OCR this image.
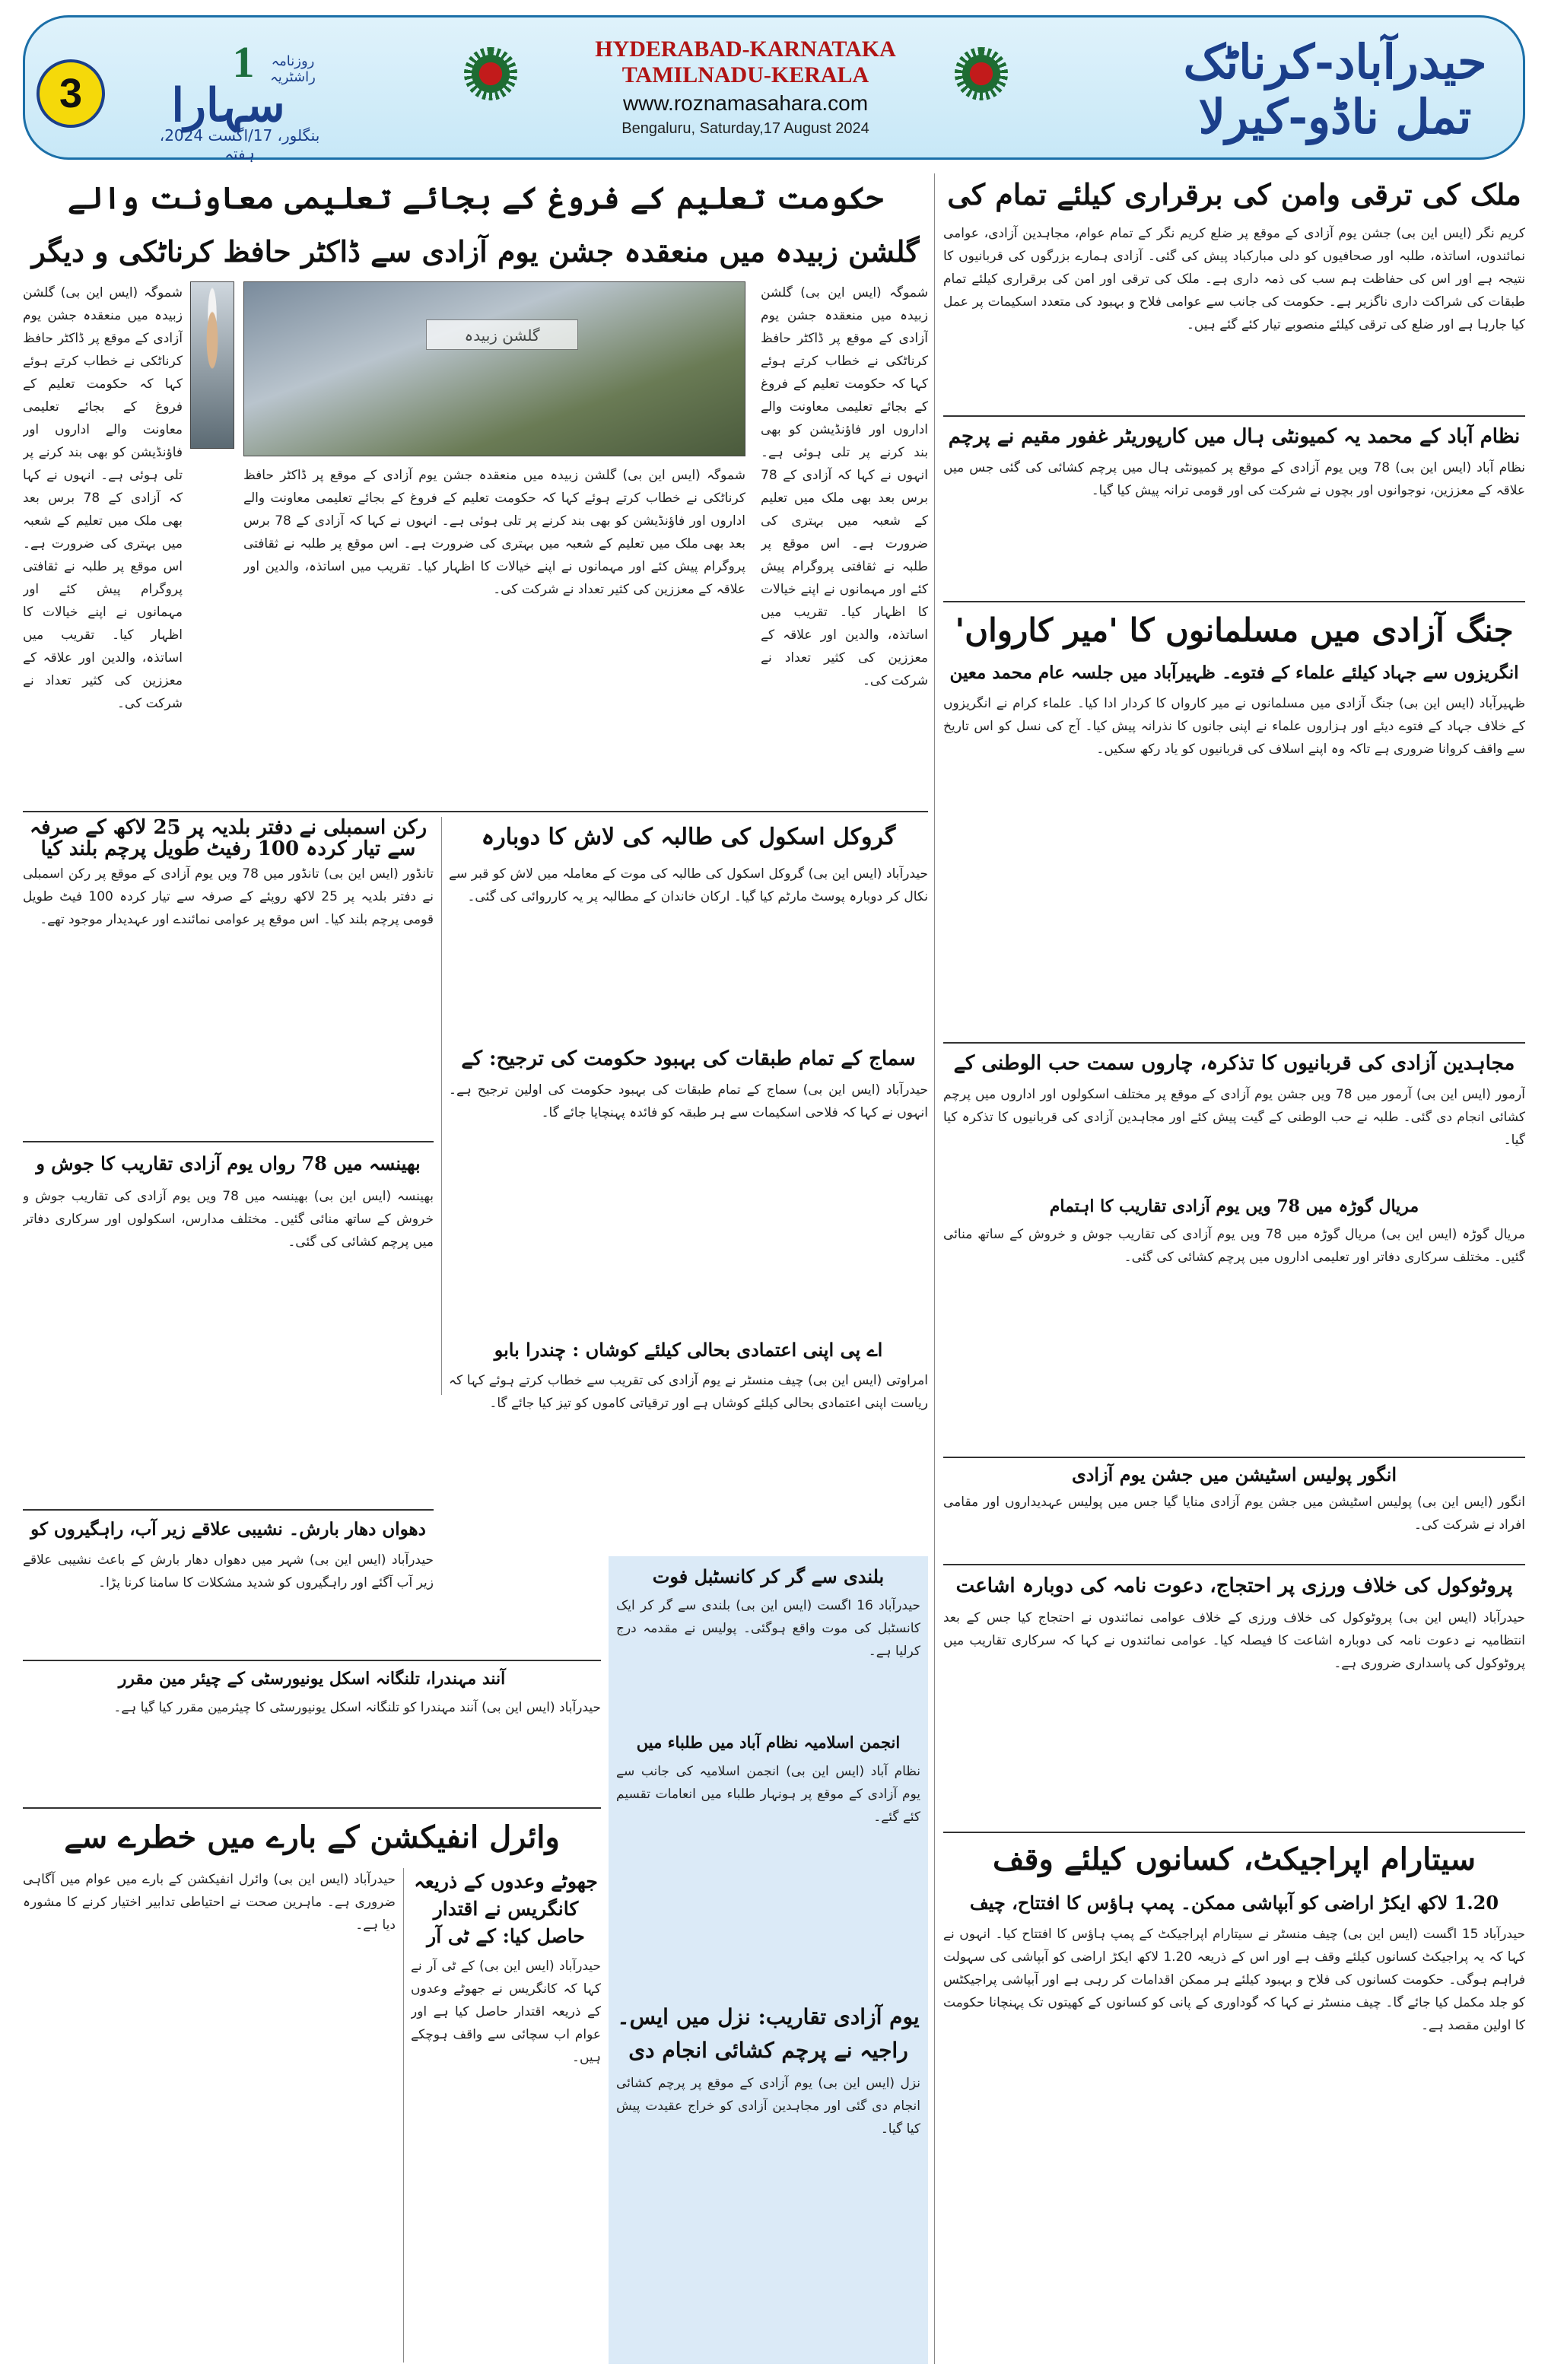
3
1
سہارا
روزنامہ راشٹریہ
بنگلور، 17/اگست 2024، ہفتہ
HYDERABAD-KARNATAKA
TAMILNADU-KERALA
www.roznamasahara.com
Bengaluru, Saturday,17 August 2024
حیدرآباد-کرناٹک
تمل ناڈو-کیرلا
ملک کی ترقی وامن کی برقراری کیلئے تمام کی
کریم نگر (ایس این بی) جشن یوم آزادی کے موقع پر ضلع کریم نگر کے تمام عوام، مجاہدین آزادی، عوامی نمائندوں، اساتذہ، طلبہ اور صحافیوں کو دلی مبارکباد پیش کی گئی۔ آزادی ہمارے بزرگوں کی قربانیوں کا نتیجہ ہے اور اس کی حفاظت ہم سب کی ذمہ داری ہے۔ ملک کی ترقی اور امن کی برقراری کیلئے تمام طبقات کی شراکت داری ناگزیر ہے۔ حکومت کی جانب سے عوامی فلاح و بہبود کی متعدد اسکیمات پر عمل کیا جارہا ہے اور ضلع کی ترقی کیلئے منصوبے تیار کئے گئے ہیں۔
نظام آباد کے محمد یہ کمیونٹی ہال میں کارپوریٹر غفور مقیم نے پرچم
نظام آباد (ایس این بی) 78 ویں یوم آزادی کے موقع پر کمیونٹی ہال میں پرچم کشائی کی گئی جس میں علاقہ کے معززین، نوجوانوں اور بچوں نے شرکت کی اور قومی ترانہ پیش کیا گیا۔
جنگ آزادی میں مسلمانوں کا 'میر کارواں'
انگریزوں سے جہاد کیلئے علماء کے فتوے۔ ظہیرآباد میں جلسہ عام محمد معین
ظہیرآباد (ایس این بی) جنگ آزادی میں مسلمانوں نے میر کارواں کا کردار ادا کیا۔ علماء کرام نے انگریزوں کے خلاف جہاد کے فتوے دیئے اور ہزاروں علماء نے اپنی جانوں کا نذرانہ پیش کیا۔ آج کی نسل کو اس تاریخ سے واقف کروانا ضروری ہے تاکہ وہ اپنے اسلاف کی قربانیوں کو یاد رکھ سکیں۔
مجاہدین آزادی کی قربانیوں کا تذکرہ، چاروں سمت حب الوطنی کے
آرمور (ایس این بی) آرمور میں 78 ویں جشن یوم آزادی کے موقع پر مختلف اسکولوں اور اداروں میں پرچم کشائی انجام دی گئی۔ طلبہ نے حب الوطنی کے گیت پیش کئے اور مجاہدین آزادی کی قربانیوں کا تذکرہ کیا گیا۔
مریال گوڑہ میں 78 ویں یوم آزادی تقاریب کا اہتمام
مریال گوڑہ (ایس این بی) مریال گوڑہ میں 78 ویں یوم آزادی کی تقاریب جوش و خروش کے ساتھ منائی گئیں۔ مختلف سرکاری دفاتر اور تعلیمی اداروں میں پرچم کشائی کی گئی۔
انگور پولیس اسٹیشن میں جشن یوم آزادی
انگور (ایس این بی) پولیس اسٹیشن میں جشن یوم آزادی منایا گیا جس میں پولیس عہدیداروں اور مقامی افراد نے شرکت کی۔
پروٹوکول کی خلاف ورزی پر احتجاج، دعوت نامہ کی دوبارہ اشاعت
حیدرآباد (ایس این بی) پروٹوکول کی خلاف ورزی کے خلاف عوامی نمائندوں نے احتجاج کیا جس کے بعد انتظامیہ نے دعوت نامہ کی دوبارہ اشاعت کا فیصلہ کیا۔ عوامی نمائندوں نے کہا کہ سرکاری تقاریب میں پروٹوکول کی پاسداری ضروری ہے۔
سیتارام اپراجیکٹ، کسانوں کیلئے وقف
1.20 لاکھ ایکڑ اراضی کو آبپاشی ممکن۔ پمپ ہاؤس کا افتتاح، چیف
حیدرآباد 15 اگست (ایس این بی) چیف منسٹر نے سیتارام اپراجیکٹ کے پمپ ہاؤس کا افتتاح کیا۔ انہوں نے کہا کہ یہ پراجیکٹ کسانوں کیلئے وقف ہے اور اس کے ذریعہ 1.20 لاکھ ایکڑ اراضی کو آبپاشی کی سہولت فراہم ہوگی۔ حکومت کسانوں کی فلاح و بہبود کیلئے ہر ممکن اقدامات کر رہی ہے اور آبپاشی پراجیکٹس کو جلد مکمل کیا جائے گا۔ چیف منسٹر نے کہا کہ گوداوری کے پانی کو کسانوں کے کھیتوں تک پہنچانا حکومت کا اولین مقصد ہے۔
حکومت تعلیم کے فروغ کے بجائے تعلیمی معاونت والے
گلشن زبیدہ میں منعقدہ جشن یوم آزادی سے ڈاکٹر حافظ کرناٹکی و دیگر
شموگہ (ایس این بی) گلشن زبیدہ میں منعقدہ جشن یوم آزادی کے موقع پر ڈاکٹر حافظ کرناٹکی نے خطاب کرتے ہوئے کہا کہ حکومت تعلیم کے فروغ کے بجائے تعلیمی معاونت والے اداروں اور فاؤنڈیشن کو بھی بند کرنے پر تلی ہوئی ہے۔ انہوں نے کہا کہ آزادی کے 78 برس بعد بھی ملک میں تعلیم کے شعبہ میں بہتری کی ضرورت ہے۔ اس موقع پر طلبہ نے ثقافتی پروگرام پیش کئے اور مہمانوں نے اپنے خیالات کا اظہار کیا۔ تقریب میں اساتذہ، والدین اور علاقہ کے معززین کی کثیر تعداد نے شرکت کی۔
گلشن زبیدہ
شموگہ (ایس این بی) گلشن زبیدہ میں منعقدہ جشن یوم آزادی کے موقع پر ڈاکٹر حافظ کرناٹکی نے خطاب کرتے ہوئے کہا کہ حکومت تعلیم کے فروغ کے بجائے تعلیمی معاونت والے اداروں اور فاؤنڈیشن کو بھی بند کرنے پر تلی ہوئی ہے۔ انہوں نے کہا کہ آزادی کے 78 برس بعد بھی ملک میں تعلیم کے شعبہ میں بہتری کی ضرورت ہے۔ اس موقع پر طلبہ نے ثقافتی پروگرام پیش کئے اور مہمانوں نے اپنے خیالات کا اظہار کیا۔ تقریب میں اساتذہ، والدین اور علاقہ کے معززین کی کثیر تعداد نے شرکت کی۔
شموگہ (ایس این بی) گلشن زبیدہ میں منعقدہ جشن یوم آزادی کے موقع پر ڈاکٹر حافظ کرناٹکی نے خطاب کرتے ہوئے کہا کہ حکومت تعلیم کے فروغ کے بجائے تعلیمی معاونت والے اداروں اور فاؤنڈیشن کو بھی بند کرنے پر تلی ہوئی ہے۔ انہوں نے کہا کہ آزادی کے 78 برس بعد بھی ملک میں تعلیم کے شعبہ میں بہتری کی ضرورت ہے۔ اس موقع پر طلبہ نے ثقافتی پروگرام پیش کئے اور مہمانوں نے اپنے خیالات کا اظہار کیا۔ تقریب میں اساتذہ، والدین اور علاقہ کے معززین کی کثیر تعداد نے شرکت کی۔
رکن اسمبلی نے دفتر بلدیہ پر 25 لاکھ کے صرفہ سے تیار کردہ 100 رفیٹ طویل پرچم بلند کیا
تانڈور (ایس این بی) تانڈور میں 78 ویں یوم آزادی کے موقع پر رکن اسمبلی نے دفتر بلدیہ پر 25 لاکھ روپئے کے صرفہ سے تیار کردہ 100 فیٹ طویل قومی پرچم بلند کیا۔ اس موقع پر عوامی نمائندے اور عہدیدار موجود تھے۔
گروکل اسکول کی طالبہ کی لاش کا دوبارہ
حیدرآباد (ایس این بی) گروکل اسکول کی طالبہ کی موت کے معاملہ میں لاش کو قبر سے نکال کر دوبارہ پوسٹ مارٹم کیا گیا۔ ارکان خاندان کے مطالبہ پر یہ کارروائی کی گئی۔
سماج کے تمام طبقات کی بہبود حکومت کی ترجیح: کے
حیدرآباد (ایس این بی) سماج کے تمام طبقات کی بہبود حکومت کی اولین ترجیح ہے۔ انہوں نے کہا کہ فلاحی اسکیمات سے ہر طبقہ کو فائدہ پہنچایا جائے گا۔
بھینسہ میں 78 رواں یوم آزادی تقاریب کا جوش و
بھینسہ (ایس این بی) بھینسہ میں 78 ویں یوم آزادی کی تقاریب جوش و خروش کے ساتھ منائی گئیں۔ مختلف مدارس، اسکولوں اور سرکاری دفاتر میں پرچم کشائی کی گئی۔
اے پی اپنی اعتمادی بحالی کیلئے کوشاں : چندرا بابو
امراوتی (ایس این بی) چیف منسٹر نے یوم آزادی کی تقریب سے خطاب کرتے ہوئے کہا کہ ریاست اپنی اعتمادی بحالی کیلئے کوشاں ہے اور ترقیاتی کاموں کو تیز کیا جائے گا۔
دھواں دھار بارش۔ نشیبی علاقے زیر آب، راہگیروں کو
حیدرآباد (ایس این بی) شہر میں دھواں دھار بارش کے باعث نشیبی علاقے زیر آب آگئے اور راہگیروں کو شدید مشکلات کا سامنا کرنا پڑا۔	بلندی سے گر کر کانسٹبل فوت
حیدرآباد 16 اگست (ایس این بی) بلندی سے گر کر ایک کانسٹبل کی موت واقع ہوگئی۔ پولیس نے مقدمہ درج کرلیا ہے۔
انجمن اسلامیہ نظام آباد میں طلباء میں
نظام آباد (ایس این بی) انجمن اسلامیہ کی جانب سے یوم آزادی کے موقع پر ہونہار طلباء میں انعامات تقسیم کئے گئے۔
یوم آزادی تقاریب: نزل میں ایس۔ راجیہ نے پرچم کشائی انجام دی
نزل (ایس این بی) یوم آزادی کے موقع پر پرچم کشائی انجام دی گئی اور مجاہدین آزادی کو خراج عقیدت پیش کیا گیا۔
آنند مہندرا، تلنگانہ اسکل یونیورسٹی کے چیئر مین مقرر
حیدرآباد (ایس این بی) آنند مہندرا کو تلنگانہ اسکل یونیورسٹی کا چیئرمین مقرر کیا گیا ہے۔
وائرل انفیکشن کے بارے میں خطرے سے
حیدرآباد (ایس این بی) وائرل انفیکشن کے بارے میں عوام میں آگاہی ضروری ہے۔ ماہرین صحت نے احتیاطی تدابیر اختیار کرنے کا مشورہ دیا ہے۔
جھوٹے وعدوں کے ذریعہ کانگریس نے اقتدار حاصل کیا: کے ٹی آر
حیدرآباد (ایس این بی) کے ٹی آر نے کہا کہ کانگریس نے جھوٹے وعدوں کے ذریعہ اقتدار حاصل کیا ہے اور عوام اب سچائی سے واقف ہوچکے ہیں۔
